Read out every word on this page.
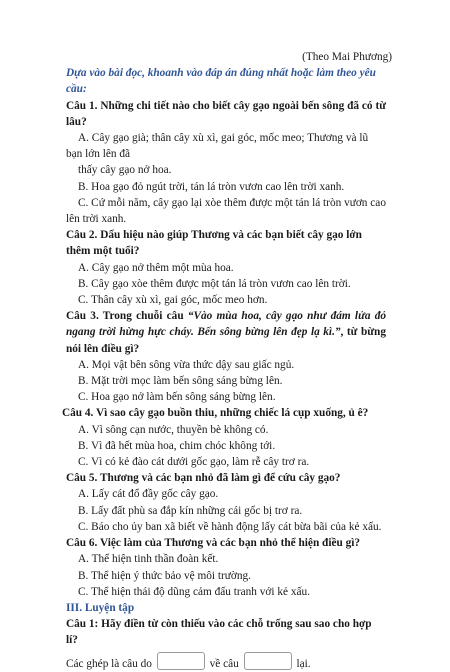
(Theo Mai Phương)
Dựa vào bài đọc, khoanh vào đáp án đúng nhất hoặc làm theo yêu cầu:
Câu 1. Những chi tiết nào cho biết cây gạo ngoài bến sông đã có từ lâu?
A. Cây gạo già; thân cây xù xì, gai góc, mốc meo; Thương và lũ bạn lớn lên đã
thấy cây gạo nở hoa.
B. Hoa gạo đỏ ngút trời, tán lá tròn vươn cao lên trời xanh.
C. Cứ mỗi năm, cây gạo lại xòe thêm được một tán lá tròn vươn cao lên trời xanh.
Câu 2. Dấu hiệu nào giúp Thương và các bạn biết cây gạo lớn thêm một tuổi?
A. Cây gạo nở thêm một mùa hoa.
B. Cây gạo xòe thêm được một tán lá tròn vươn cao lên trời.
C. Thân cây xù xì, gai góc, mốc meo hơn.
Câu 3. Trong chuỗi câu “Vào mùa hoa, cây gạo như đám lửa đỏ ngang trời hừng hực cháy. Bến sông bừng lên đẹp lạ kì.”, từ bừng nói lên điều gì?
A. Mọi vật bên sông vừa thức dậy sau giấc ngủ.
B. Mặt trời mọc làm bến sông sáng bừng lên.
C. Hoa gạo nở làm bến sông sáng bừng lên.
Câu 4. Vì sao cây gạo buồn thiu, những chiếc lá cụp xuống, ủ ê?
A. Vì sông cạn nước, thuyền bè không có.
B. Vì đã hết mùa hoa, chim chóc không tới.
C. Vì có kẻ đào cát dưới gốc gạo, làm rễ cây trơ ra.
Câu 5. Thương và các bạn nhỏ đã làm gì để cứu cây gạo?
A. Lấy cát đổ đầy gốc cây gạo.
B. Lấy đất phù sa đắp kín những cái gốc bị trơ ra.
C. Báo cho ủy ban xã biết về hành động lấy cát bừa bãi của kẻ xấu.
Câu 6. Việc làm của Thương và các bạn nhỏ thể hiện điều gì?
A. Thể hiện tinh thần đoàn kết.
B. Thể hiện ý thức bảo vệ môi trường.
C. Thể hiện thái độ dũng cảm đấu tranh với kẻ xấu.
III. Luyện tập
Câu 1: Hãy điền từ còn thiếu vào các chỗ trống sau sao cho hợp lí?
Các ghép là câu do	về câu	lại.
